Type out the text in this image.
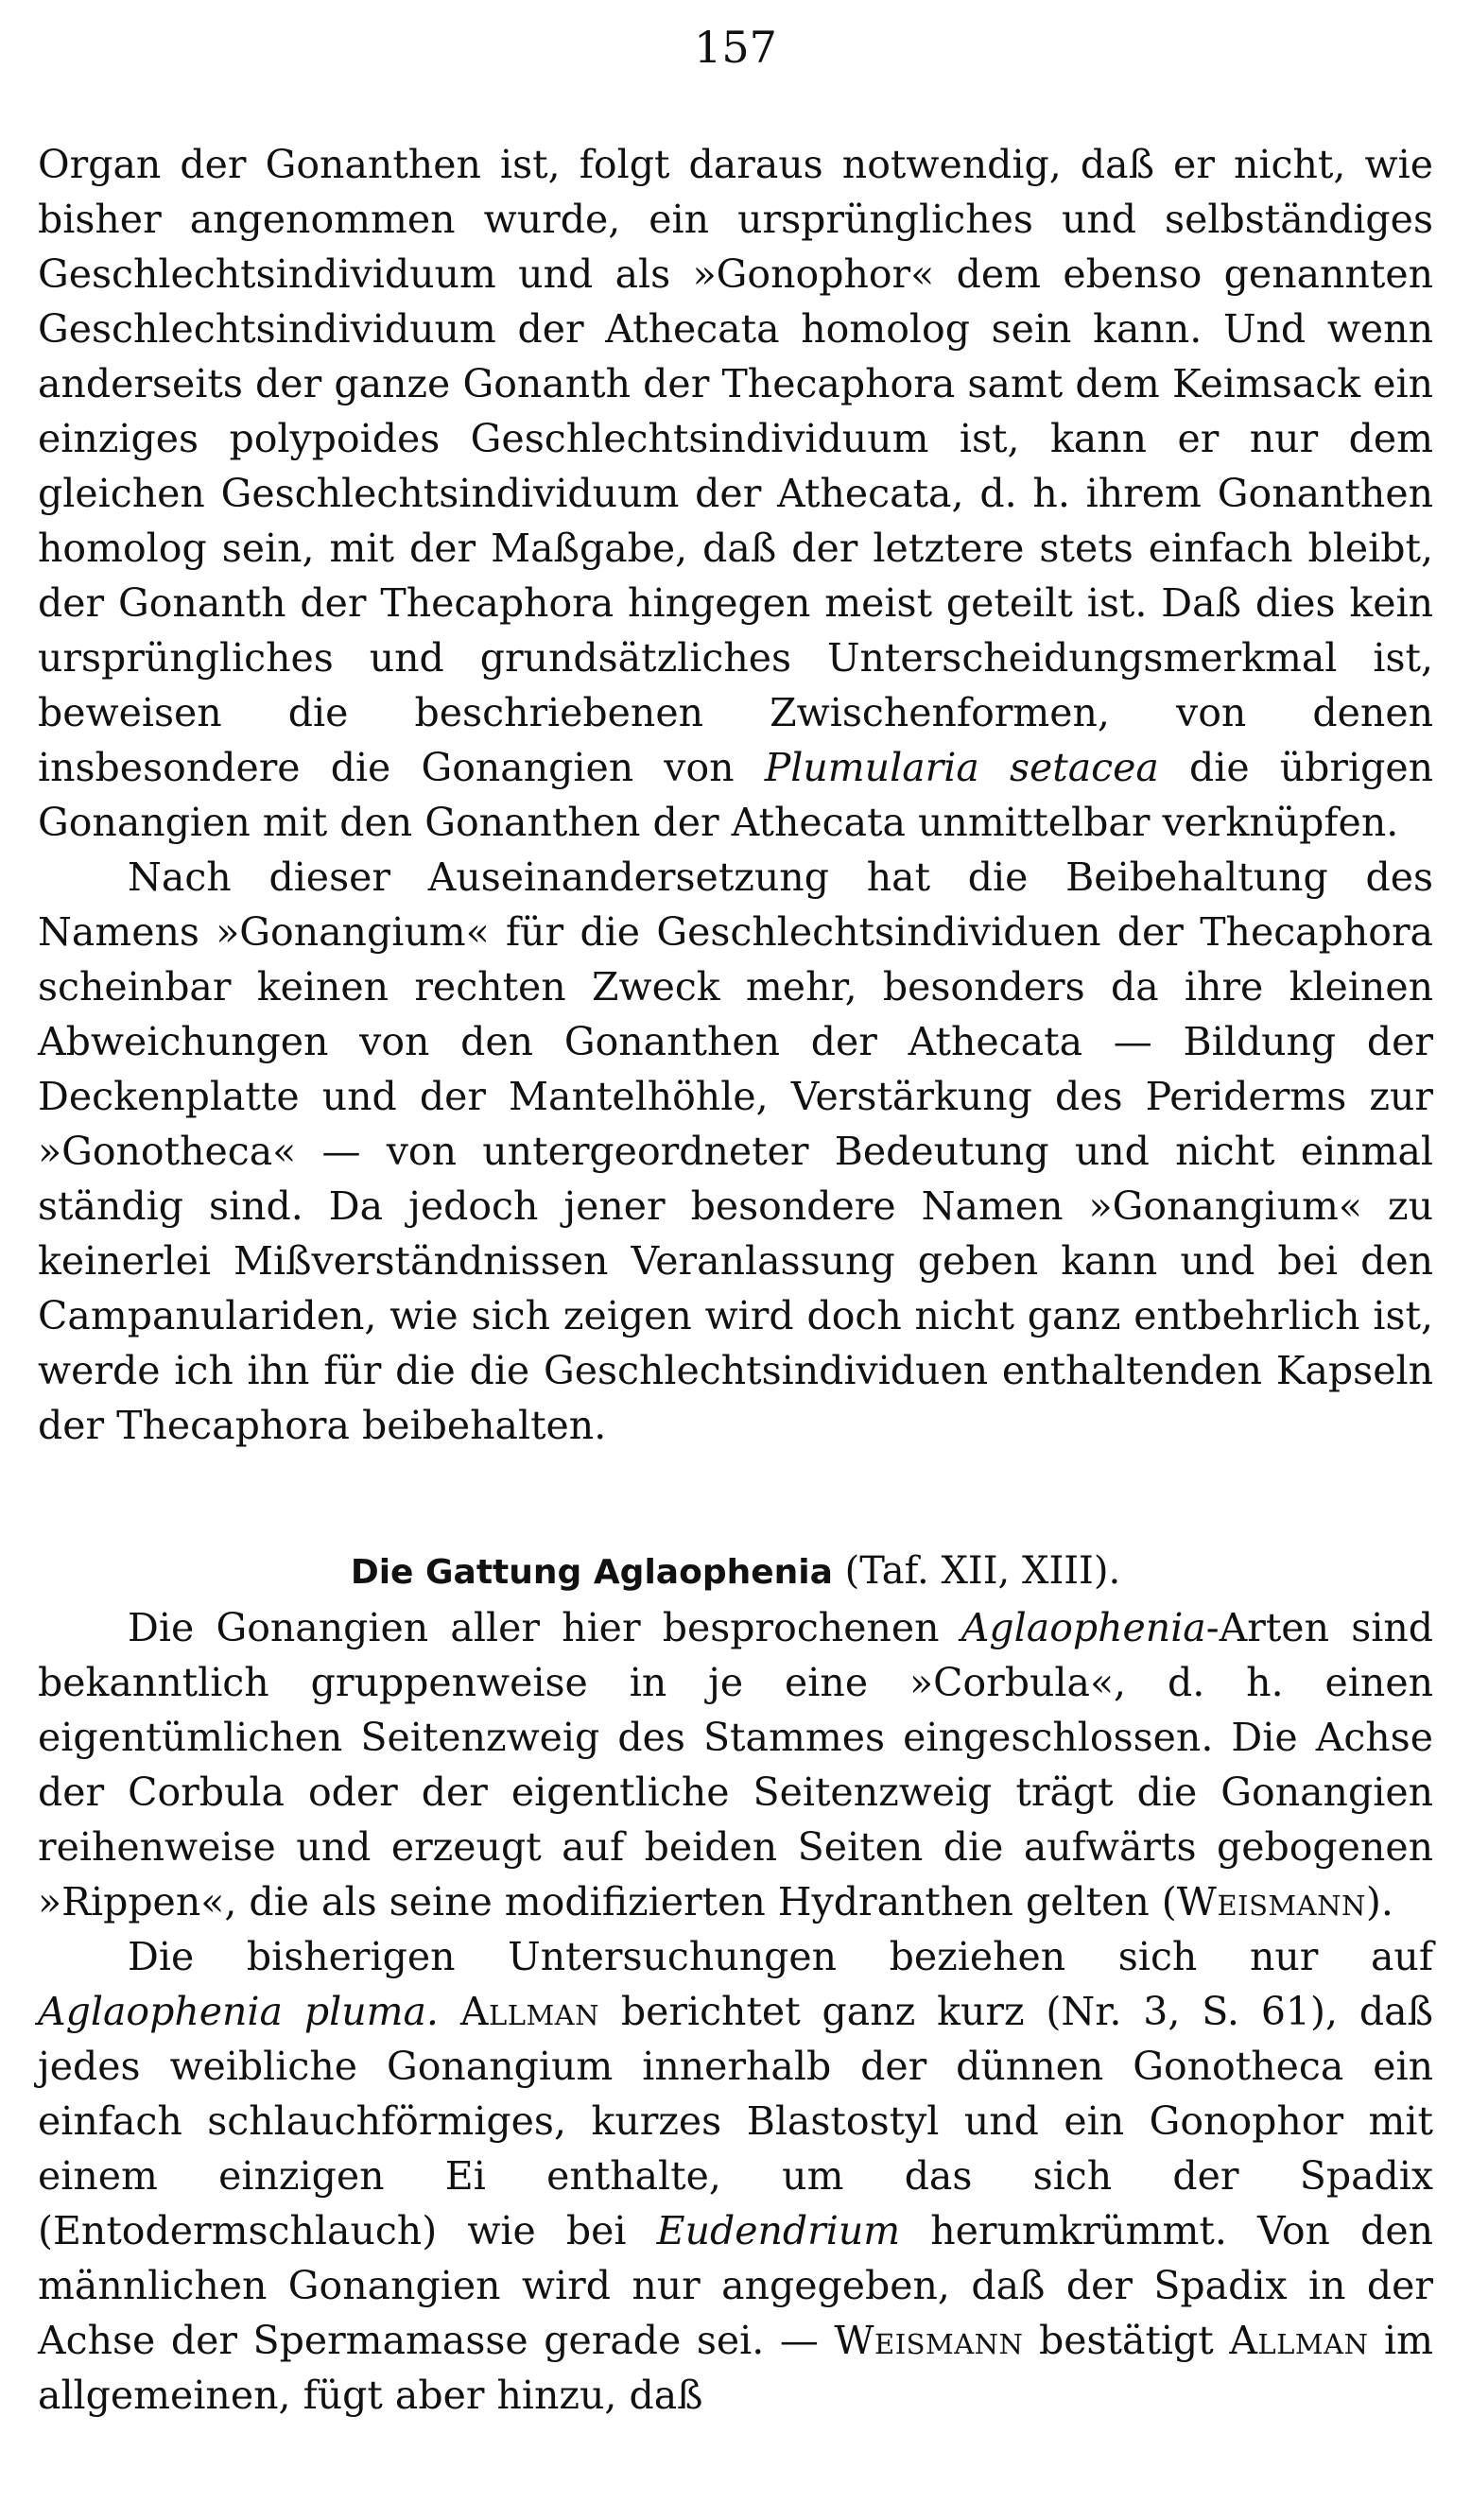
157

Organ der Gonanthen ist, folgt daraus notwendig, daß er nicht, wie bisher angenommen wurde, ein ursprüngliches und selbständiges Geschlechtsindividuum und als »Gonophor« dem ebenso genannten Geschlechtsindividuum der Athecata homolog sein kann. Und wenn anderseits der ganze Gonanth der Thecaphora samt dem Keimsack ein einziges polypoides Geschlechtsindividuum ist, kann er nur dem gleichen Geschlechtsindividuum der Athecata, d. h. ihrem Gonanthen homolog sein, mit der Maßgabe, daß der letztere stets einfach bleibt, der Gonanth der Thecaphora hingegen meist geteilt ist. Daß dies kein ursprüngliches und grundsätzliches Unterscheidungsmerkmal ist, beweisen die beschriebenen Zwischenformen, von denen insbesondere die Gonangien von Plumularia setacea die übrigen Gonangien mit den Gonanthen der Athecata unmittelbar verknüpfen.

Nach dieser Auseinandersetzung hat die Beibehaltung des Namens »Gonangium« für die Geschlechtsindividuen der Thecaphora scheinbar keinen rechten Zweck mehr, besonders da ihre kleinen Abweichungen von den Gonanthen der Athecata — Bildung der Deckenplatte und der Mantelhöhle, Verstärkung des Periderms zur »Gonotheca« — von untergeordneter Bedeutung und nicht einmal ständig sind. Da jedoch jener besondere Namen »Gonangium« zu keinerlei Mißverständnissen Veranlassung geben kann und bei den Campanulariden, wie sich zeigen wird doch nicht ganz entbehrlich ist, werde ich ihn für die die Geschlechtsindividuen enthaltenden Kapseln der Thecaphora beibehalten.

Die Gattung Aglaophenia (Taf. XII, XIII).

Die Gonangien aller hier besprochenen Aglaophenia-Arten sind bekanntlich gruppenweise in je eine »Corbula«, d. h. einen eigentümlichen Seitenzweig des Stammes eingeschlossen. Die Achse der Corbula oder der eigentliche Seitenzweig trägt die Gonangien reihenweise und erzeugt auf beiden Seiten die aufwärts gebogenen »Rippen«, die als seine modifizierten Hydranthen gelten (Weismann).

Die bisherigen Untersuchungen beziehen sich nur auf Aglaophenia pluma. Allman berichtet ganz kurz (Nr. 3, S. 61), daß jedes weibliche Gonangium innerhalb der dünnen Gonotheca ein einfach schlauchförmiges, kurzes Blastostyl und ein Gonophor mit einem einzigen Ei enthalte, um das sich der Spadix (Entodermschlauch) wie bei Eudendrium herumkrümmt. Von den männlichen Gonangien wird nur angegeben, daß der Spadix in der Achse der Spermamasse gerade sei. — Weismann bestätigt Allman im allgemeinen, fügt aber hinzu, daß
